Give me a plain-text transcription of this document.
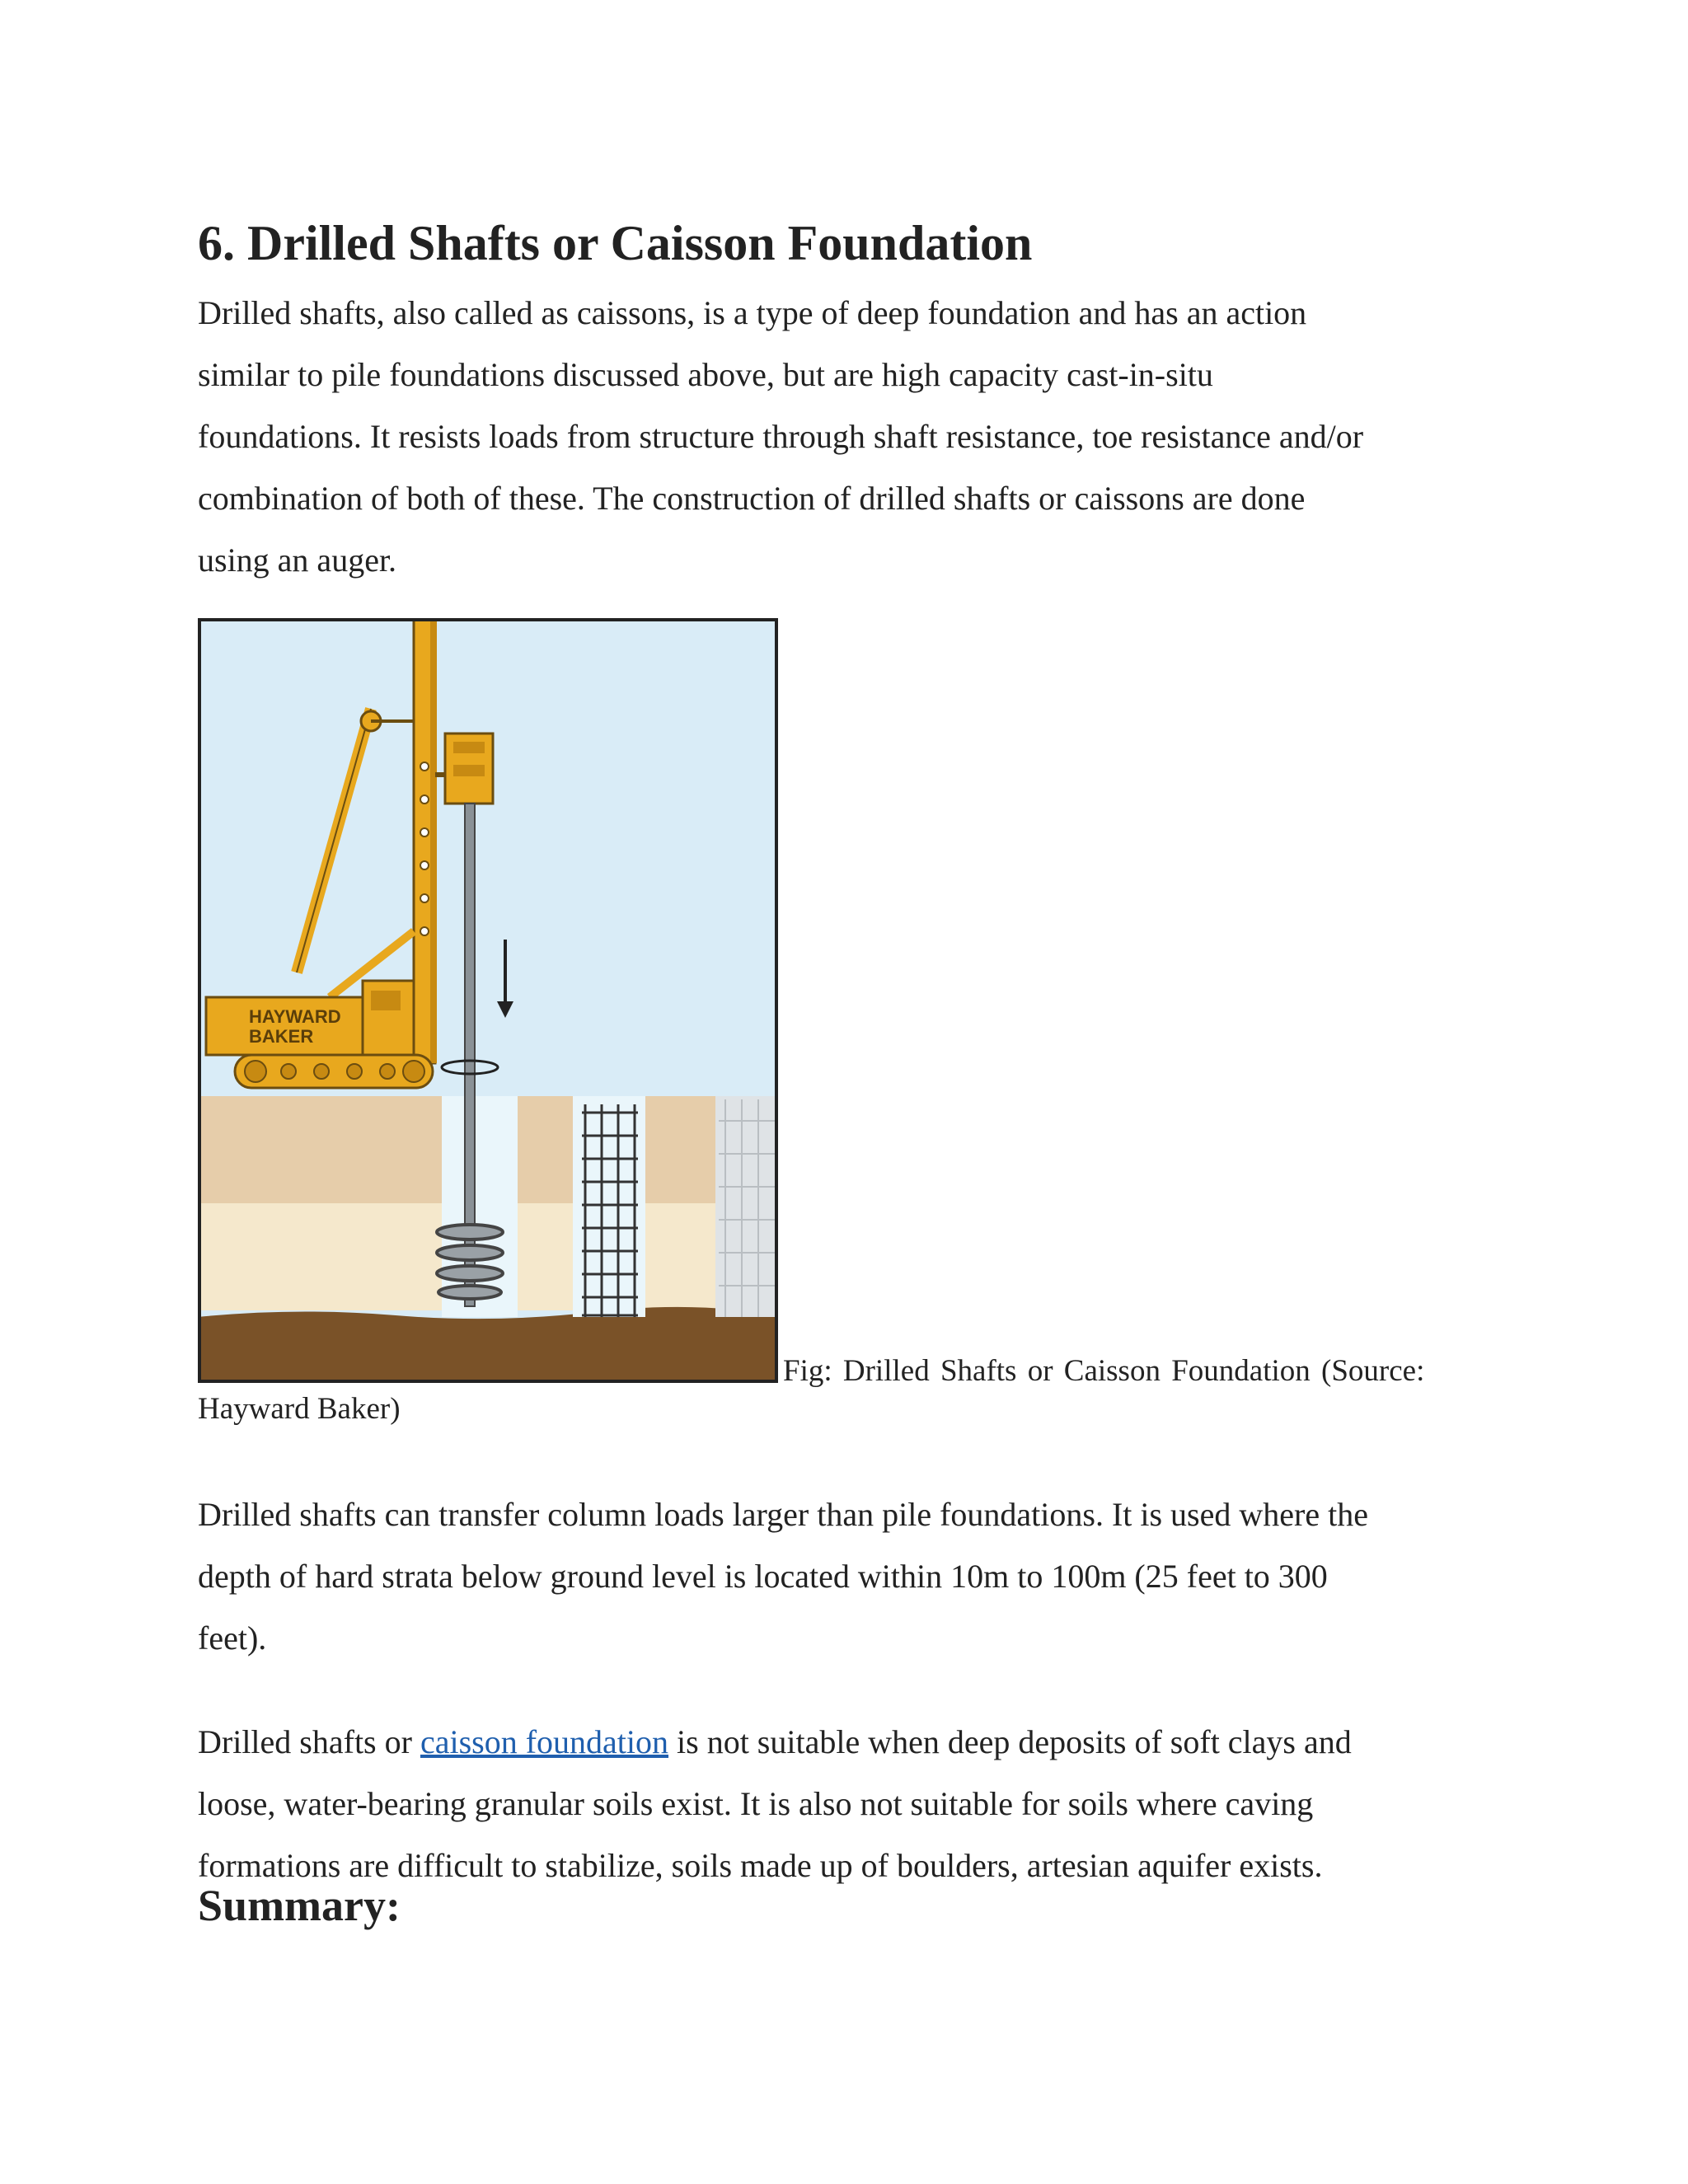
6. Drilled Shafts or Caisson Foundation

Drilled shafts, also called as caissons, is a type of deep foundation and has an action
similar to pile foundations discussed above, but are high capacity cast-in-situ
foundations. It resists loads from structure through shaft resistance, toe resistance and/or
combination of both of these. The construction of drilled shafts or caissons are done
using an auger.

HAYWARD
BAKER
Fig: Drilled Shafts or Caisson Foundation (Source:
Hayward Baker)

Drilled shafts can transfer column loads larger than pile foundations. It is used where the
depth of hard strata below ground level is located within 10m to 100m (25 feet to 300
feet).

Drilled shafts or caisson foundation is not suitable when deep deposits of soft clays and
loose, water-bearing granular soils exist. It is also not suitable for soils where caving
formations are difficult to stabilize, soils made up of boulders, artesian aquifer exists.

Summary:
